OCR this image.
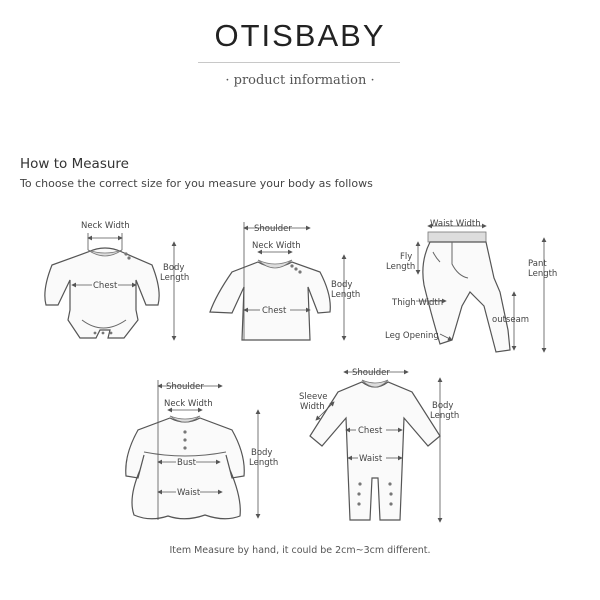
OTISBABY
· product information ·
How to Measure
To choose the correct size for you measure your body as follows
Neck Width
Chest
Body
Length
Shoulder
Neck Width
Chest
Body
Length
Waist Width
Fly
Length	Pant
Length
Thigh Width
outseam
Leg Opening
Shoulder
Neck Width
Bust
Waist
Body
Length
Shoulder
Sleeve
Width
Chest
Waist
Body
Length
Item Measure by hand, it could be 2cm~3cm different.
